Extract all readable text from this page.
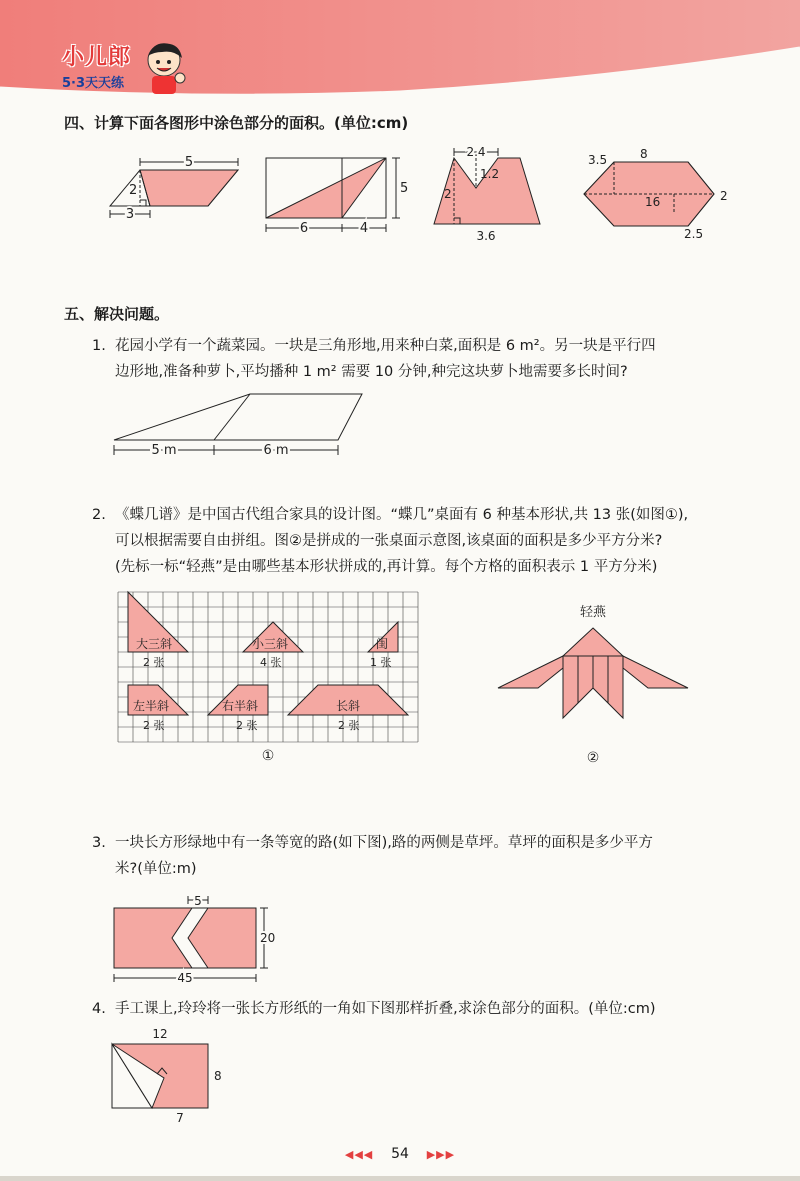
小儿郎
5·3天天练
四、计算下面各图形中涂色部分的面积。(单位:cm)
5
2
3
6	4
5
2.4
2
1.2
3.6
3.5	8
16	2
2.5
五、解决问题。
1. 花园小学有一个蔬菜园。一块是三角形地,用来种白菜,面积是 6 m²。另一块是平行四
边形地,准备种萝卜,平均播种 1 m² 需要 10 分钟,种完这块萝卜地需要多长时间?
5 m	6 m
2. 《蝶几谱》是中国古代组合家具的设计图。“蝶几”桌面有 6 种基本形状,共 13 张(如图①),
可以根据需要自由拼组。图②是拼成的一张桌面示意图,该桌面的面积是多少平方分米?
(先标一标“轻燕”是由哪些基本形状拼成的,再计算。每个方格的面积表示 1 平方分米)
大三斜	小三斜	闺
左半斜	右半斜	长斜
2 张	4 张	1 张
2 张	2 张	2 张
①
轻燕
②
3. 一块长方形绿地中有一条等宽的路(如下图),路的两侧是草坪。草坪的面积是多少平方
米?(单位:m)
5
45
20
4. 手工课上,玲玲将一张长方形纸的一角如下图那样折叠,求涂色部分的面积。(单位:cm)
12
8
7
◀◀◀ 54 ▶▶▶
